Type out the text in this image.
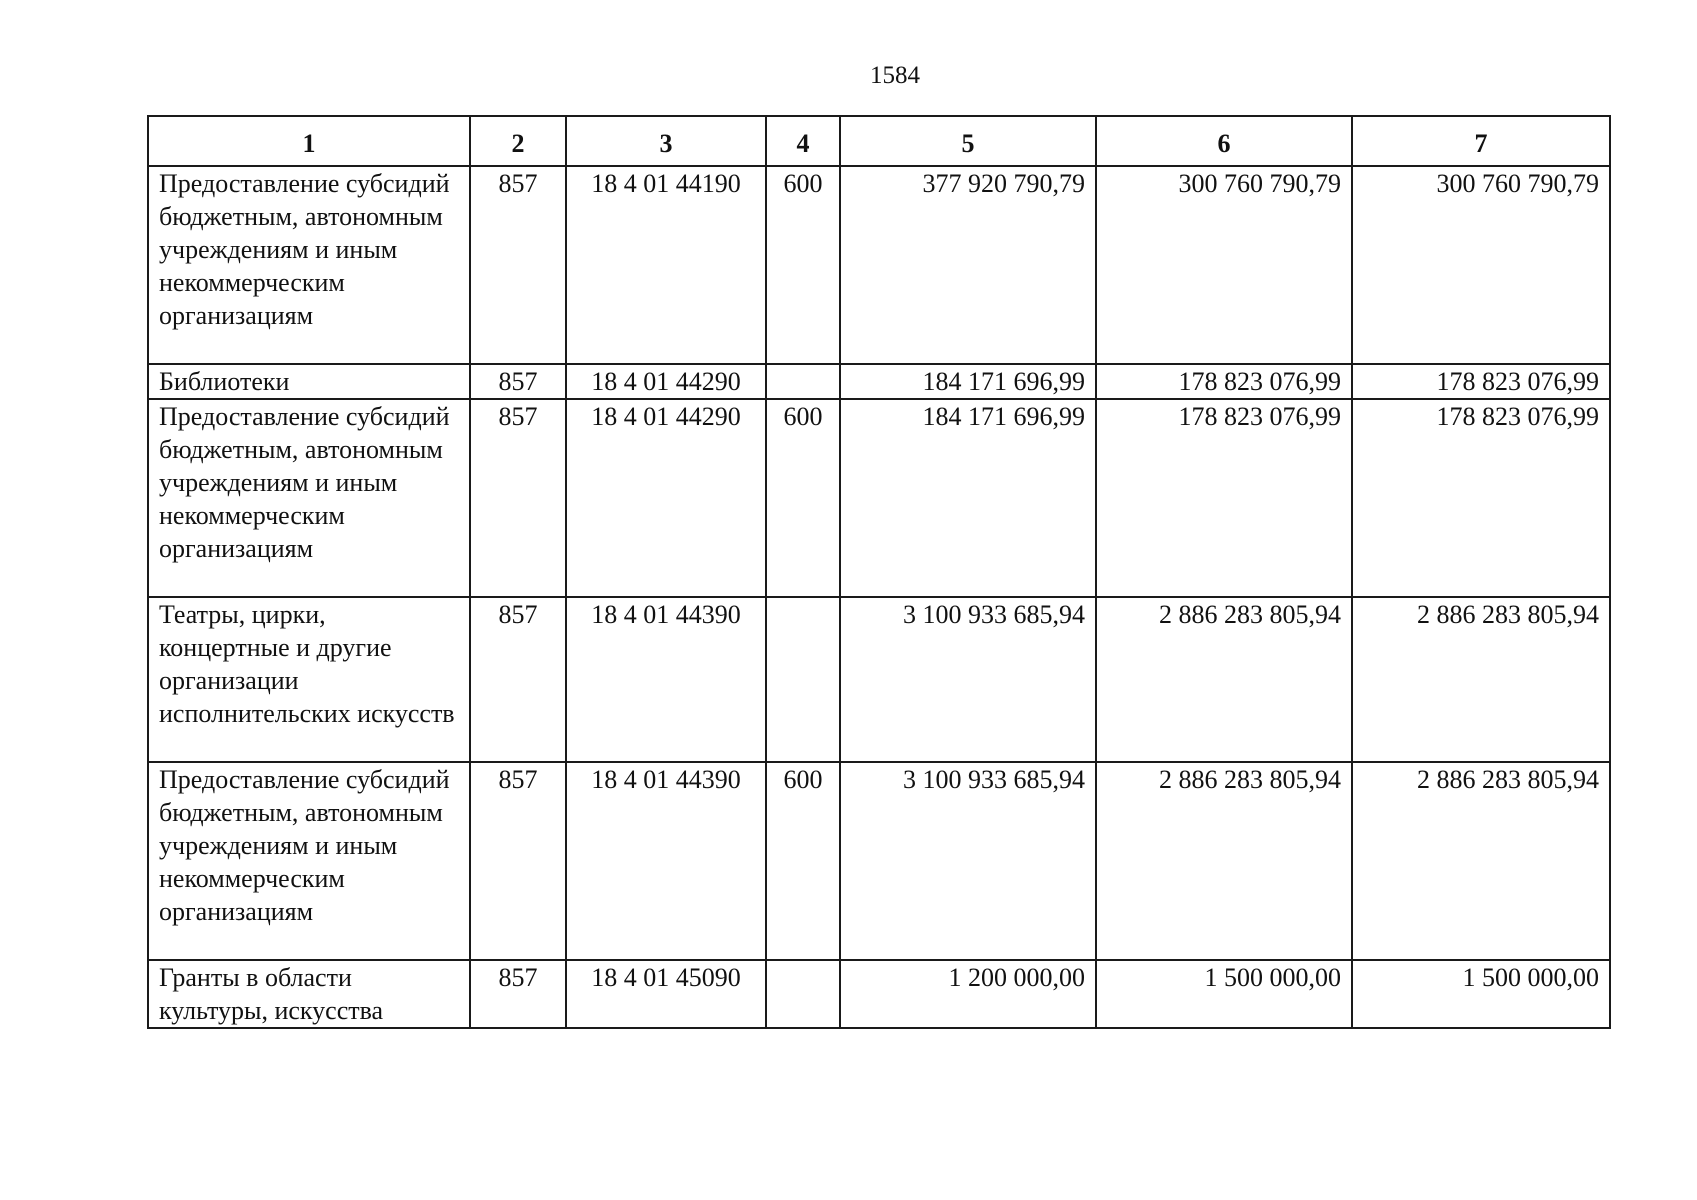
1584
1	2	3	4	5	6	7
Предоставление субсидий бюджетным, автономным учреждениям и иным некоммерческим организациям	857	18 4 01 44190	600	377 920 790,79	300 760 790,79	300 760 790,79
Библиотеки	857	18 4 01 44290		184 171 696,99	178 823 076,99	178 823 076,99
Предоставление субсидий бюджетным, автономным учреждениям и иным некоммерческим организациям	857	18 4 01 44290	600	184 171 696,99	178 823 076,99	178 823 076,99
Театры, цирки, концертные и другие организации исполнительских искусств	857	18 4 01 44390		3 100 933 685,94	2 886 283 805,94	2 886 283 805,94
Предоставление субсидий бюджетным, автономным учреждениям и иным некоммерческим организациям	857	18 4 01 44390	600	3 100 933 685,94	2 886 283 805,94	2 886 283 805,94
Гранты в области культуры, искусства	857	18 4 01 45090		1 200 000,00	1 500 000,00	1 500 000,00
